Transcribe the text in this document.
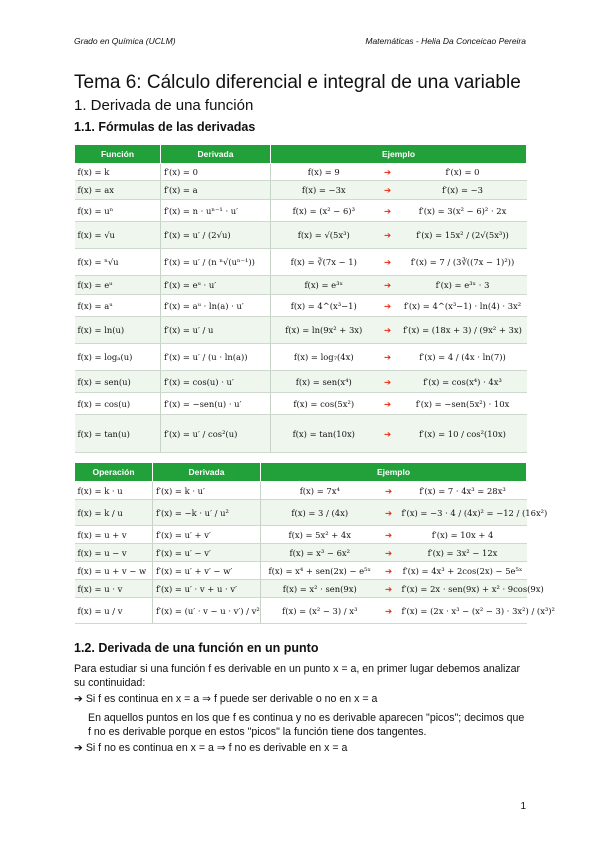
Grado en Química (UCLM)	Matemáticas - Helia Da Conceicao Pereira
Tema 6: Cálculo diferencial e integral de una variable
1. Derivada de una función
1.1. Fórmulas de las derivadas
Función	Derivada	Ejemplo		
f(x) = k	f′(x) = 0	f(x) = 9	➔	f′(x) = 0
f(x) = ax	f′(x) = a	f(x) = −3x	➔	f′(x) = −3
f(x) = uⁿ	f′(x) = n · uⁿ⁻¹ · u′	f(x) = (x² − 6)³	➔	f′(x) = 3(x² − 6)² · 2x
f(x) = √u	f′(x) = u′ / (2√u)	f(x) = √(5x³)	➔	f′(x) = 15x² / (2√(5x³))
f(x) = ⁿ√u	f′(x) = u′ / (n ⁿ√(uⁿ⁻¹))	f(x) = ∛(7x − 1)	➔	f′(x) = 7 / (3∛((7x − 1)²))
f(x) = eᵘ	f′(x) = eᵘ · u′	f(x) = e³ˣ	➔	f′(x) = e³ˣ · 3
f(x) = aᵘ	f′(x) = aᵘ · ln(a) · u′	f(x) = 4^(x³−1)	➔	f′(x) = 4^(x³−1) · ln(4) · 3x²
f(x) = ln(u)	f′(x) = u′ / u	f(x) = ln(9x² + 3x)	➔	f′(x) = (18x + 3) / (9x² + 3x)
f(x) = logₐ(u)	f′(x) = u′ / (u · ln(a))	f(x) = log₇(4x)	➔	f′(x) = 4 / (4x · ln(7))
f(x) = sen(u)	f′(x) = cos(u) · u′	f(x) = sen(x⁴)	➔	f′(x) = cos(x⁴) · 4x³
f(x) = cos(u)	f′(x) = −sen(u) · u′	f(x) = cos(5x²)	➔	f′(x) = −sen(5x²) · 10x
f(x) = tan(u)	f′(x) = u′ / cos²(u)	f(x) = tan(10x)	➔	f′(x) = 10 / cos²(10x)
Operación	Derivada	Ejemplo		
f(x) = k · u	f′(x) = k · u′	f(x) = 7x⁴	➔	f′(x) = 7 · 4x³ = 28x³
f(x) = k / u	f′(x) = −k · u′ / u²	f(x) = 3 / (4x)	➔	f′(x) = −3 · 4 / (4x)² = −12 / (16x²)
f(x) = u + v	f′(x) = u′ + v′	f(x) = 5x² + 4x	➔	f′(x) = 10x + 4
f(x) = u − v	f′(x) = u′ − v′	f(x) = x³ − 6x²	➔	f′(x) = 3x² − 12x
f(x) = u + v − w	f′(x) = u′ + v′ − w′	f(x) = x⁴ + sen(2x) − e⁵ˣ	➔	f′(x) = 4x³ + 2cos(2x) − 5e⁵ˣ
f(x) = u · v	f′(x) = u′ · v + u · v′	f(x) = x² · sen(9x)	➔	f′(x) = 2x · sen(9x) + x² · 9cos(9x)
f(x) = u / v	f′(x) = (u′ · v − u · v′) / v²	f(x) = (x² − 3) / x³	➔	f′(x) = (2x · x³ − (x² − 3) · 3x²) / (x³)²
1.2. Derivada de una función en un punto

Para estudiar si una función f es derivable en un punto x = a, en primer lugar debemos analizar su continuidad:

➔ Si f es continua en x = a ⇒ f puede ser derivable o no en x = a

En aquellos puntos en los que f es continua y no es derivable aparecen "picos"; decimos que f no es derivable porque en estos "picos" la función tiene dos tangentes.

➔ Si f no es continua en x = a ⇒ f no es derivable en x = a

1
